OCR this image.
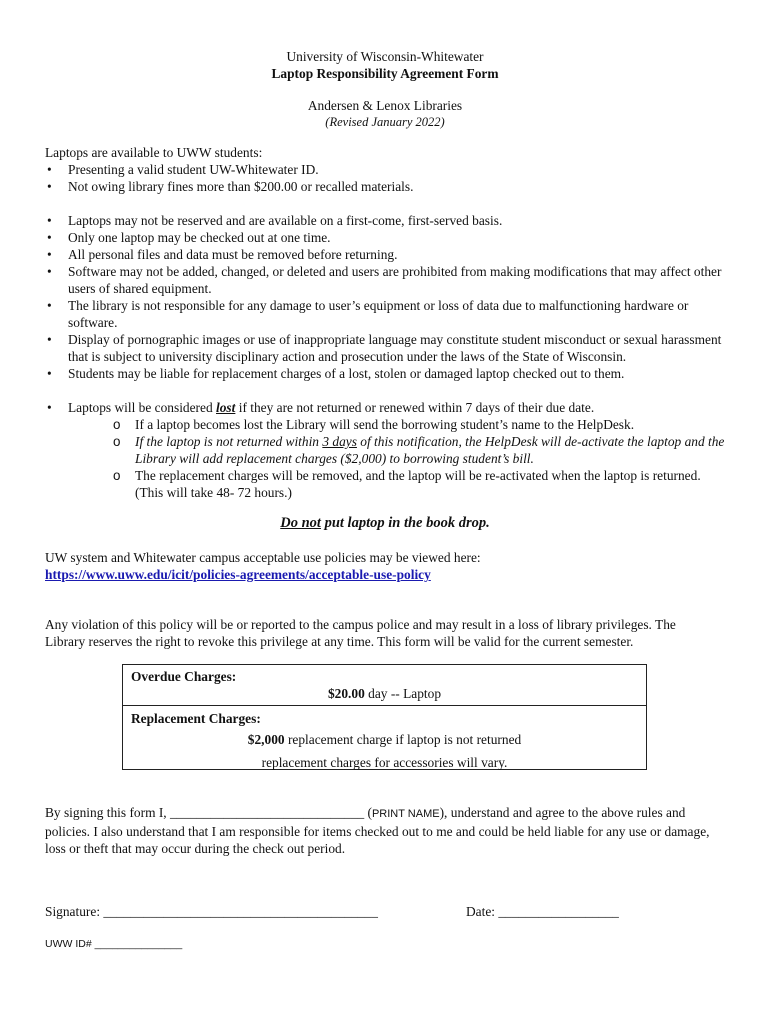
University of Wisconsin-Whitewater
Laptop Responsibility Agreement Form
Andersen & Lenox Libraries
(Revised January 2022)
Laptops are available to UWW students:
• Presenting a valid student UW-Whitewater ID.
• Not owing library fines more than $200.00 or recalled materials.
• Laptops may not be reserved and are available on a first-come, first-served basis.
• Only one laptop may be checked out at one time.
• All personal files and data must be removed before returning.
• Software may not be added, changed, or deleted and users are prohibited from making modifications that may affect other users of shared equipment.
• The library is not responsible for any damage to user’s equipment or loss of data due to malfunctioning hardware or software.
• Display of pornographic images or use of inappropriate language may constitute student misconduct or sexual harassment that is subject to university disciplinary action and prosecution under the laws of the State of Wisconsin.
• Students may be liable for replacement charges of a lost, stolen or damaged laptop checked out to them.
• Laptops will be considered lost if they are not returned or renewed within 7 days of their due date.
o If a laptop becomes lost the Library will send the borrowing student’s name to the HelpDesk.
o If the laptop is not returned within 3 days of this notification, the HelpDesk will de-activate the laptop and the Library will add replacement charges ($2,000) to borrowing student’s bill.
o The replacement charges will be removed, and the laptop will be re-activated when the laptop is returned. (This will take 48- 72 hours.)
Do not put laptop in the book drop.
UW system and Whitewater campus acceptable use policies may be viewed here:
https://www.uww.edu/icit/policies-agreements/acceptable-use-policy
Any violation of this policy will be or reported to the campus police and may result in a loss of library privileges. The Library reserves the right to revoke this privilege at any time. This form will be valid for the current semester.
Overdue Charges:
$20.00 day -- Laptop
Replacement Charges:
$2,000 replacement charge if laptop is not returned
replacement charges for accessories will vary.
By signing this form I, _____________________________ (PRINT NAME), understand and agree to the above rules and policies. I also understand that I am responsible for items checked out to me and could be held liable for any use or damage, loss or theft that may occur during the check out period.
Signature: _________________________________________	Date: __________________
UWW ID# _______________
